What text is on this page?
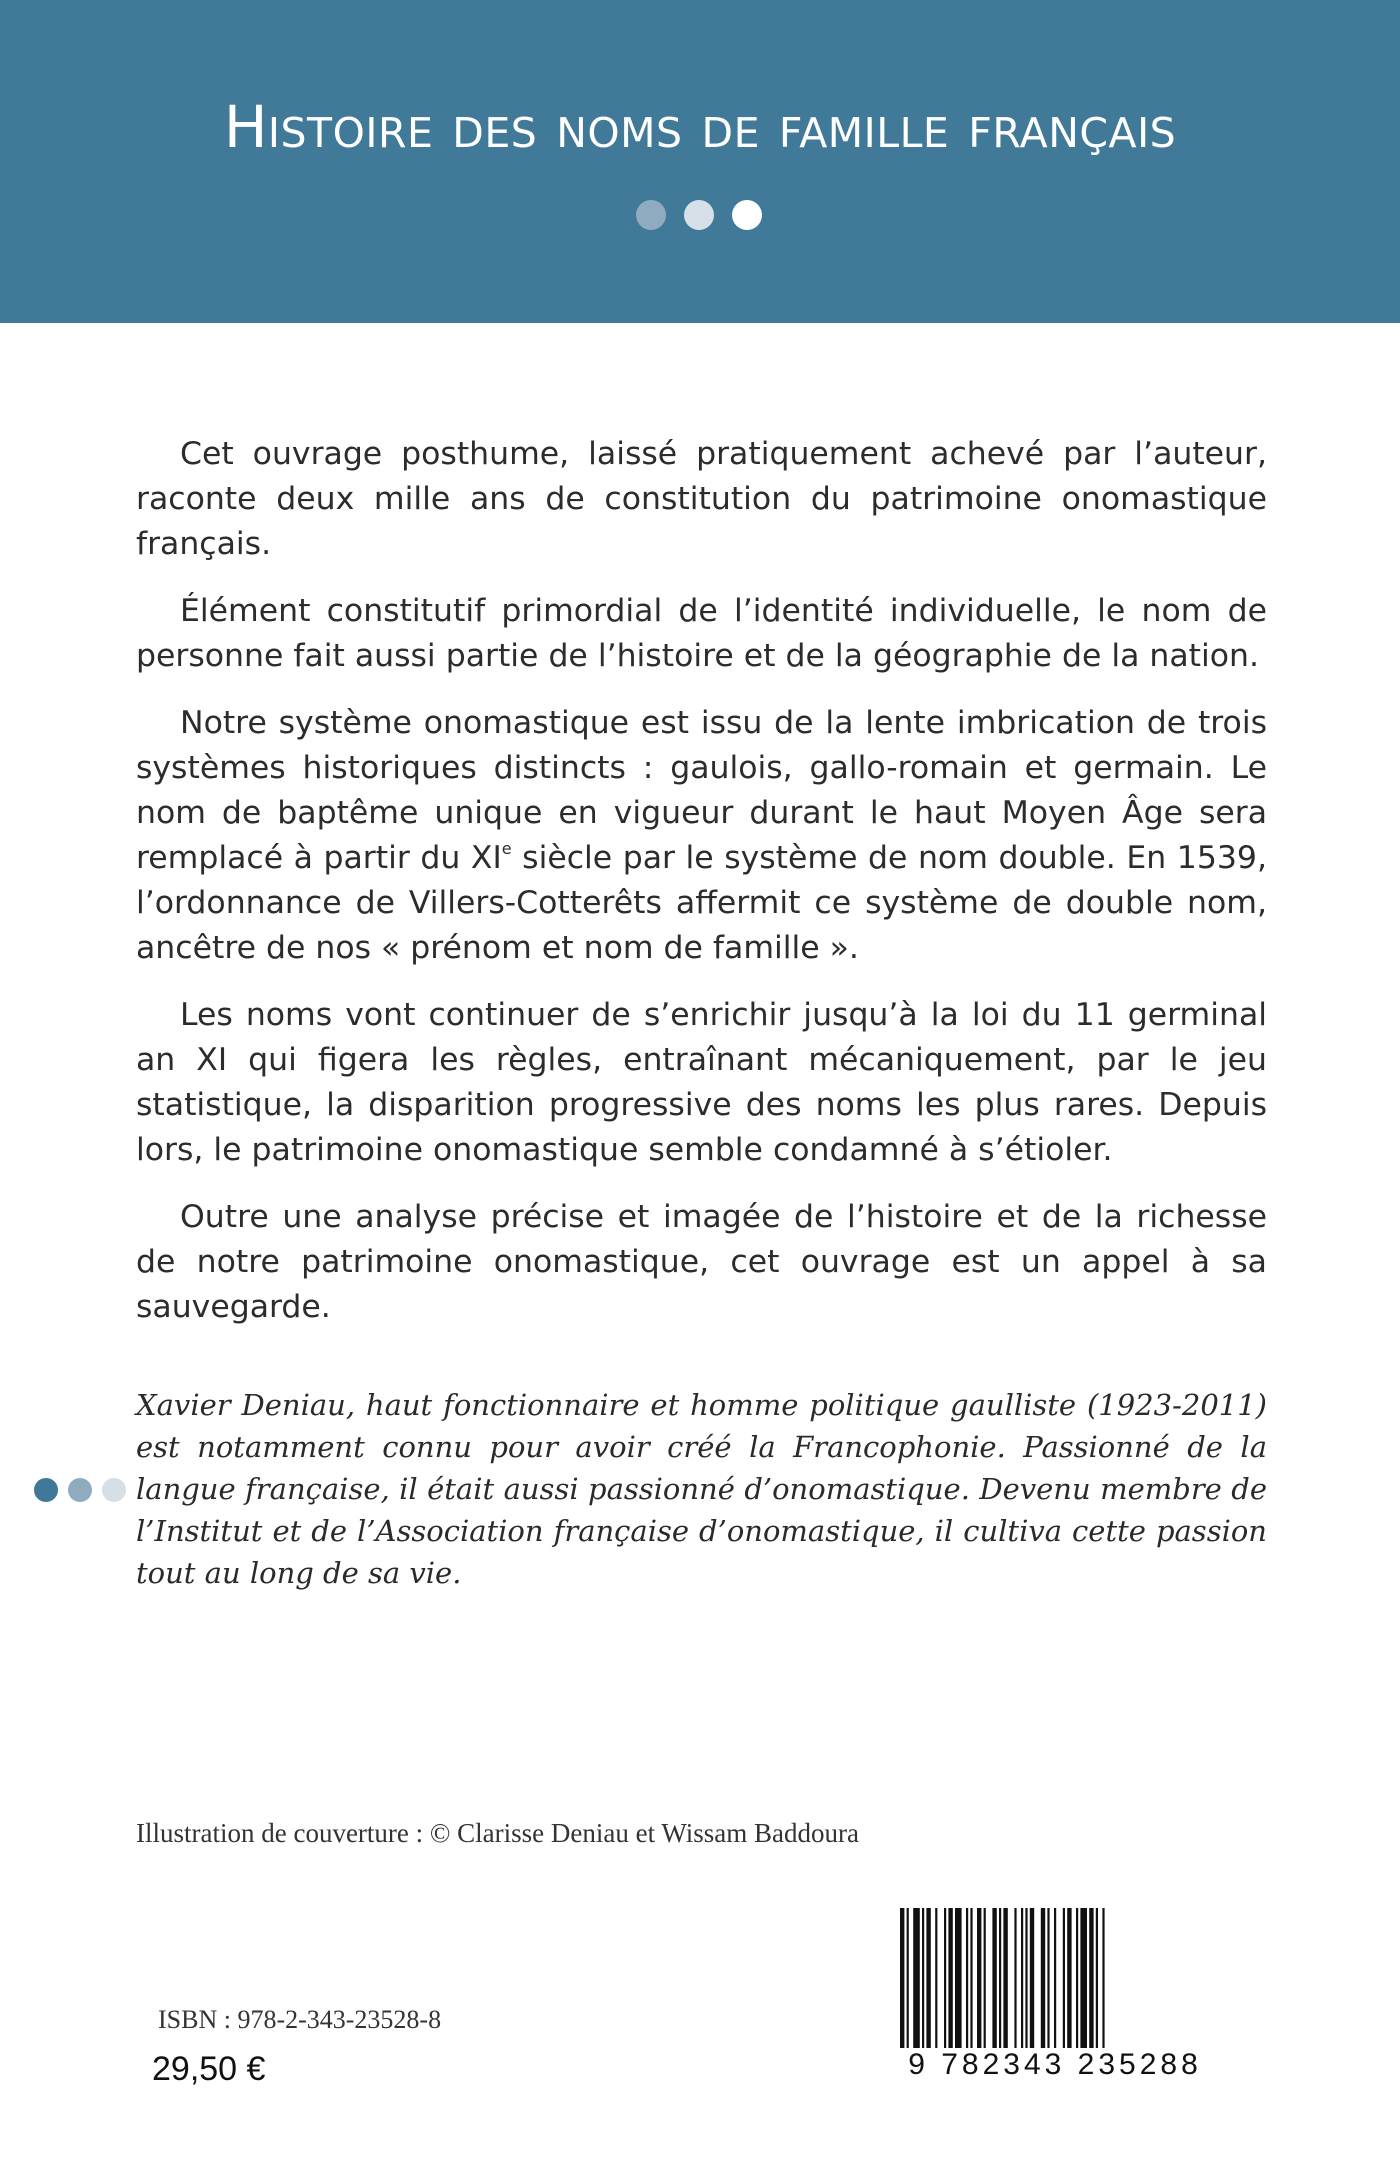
Histoire des noms de famille français

Cet ouvrage posthume, laissé pratiquement achevé par l’auteur, raconte deux mille ans de constitution du patrimoine onomastique français.

Élément constitutif primordial de l’identité individuelle, le nom de personne fait aussi partie de l’histoire et de la géographie de la nation.

Notre système onomastique est issu de la lente imbrication de trois systèmes historiques distincts : gaulois, gallo-romain et germain. Le nom de baptême unique en vigueur durant le haut Moyen Âge sera remplacé à partir du XIe siècle par le système de nom double. En 1539, l’ordonnance de Villers-Cotterêts affermit ce système de double nom, ancêtre de nos « prénom et nom de famille ».

Les noms vont continuer de s’enrichir jusqu’à la loi du 11 germinal an XI qui figera les règles, entraînant mécaniquement, par le jeu statistique, la disparition progressive des noms les plus rares. Depuis lors, le patrimoine onomastique semble condamné à s’étioler.

Outre une analyse précise et imagée de l’histoire et de la richesse de notre patrimoine onomastique, cet ouvrage est un appel à sa sauvegarde.

Xavier Deniau, haut fonctionnaire et homme politique gaulliste (1923-2011) est notamment connu pour avoir créé la Francophonie. Passionné de la langue française, il était aussi passionné d’onomastique. Devenu membre de l’Institut et de l’Association française d’onomastique, il cultiva cette passion tout au long de sa vie.

Illustration de couverture : © Clarisse Deniau et Wissam Baddoura
ISBN : 978-2-343-23528-8
29,50 €	9 782343 235288
